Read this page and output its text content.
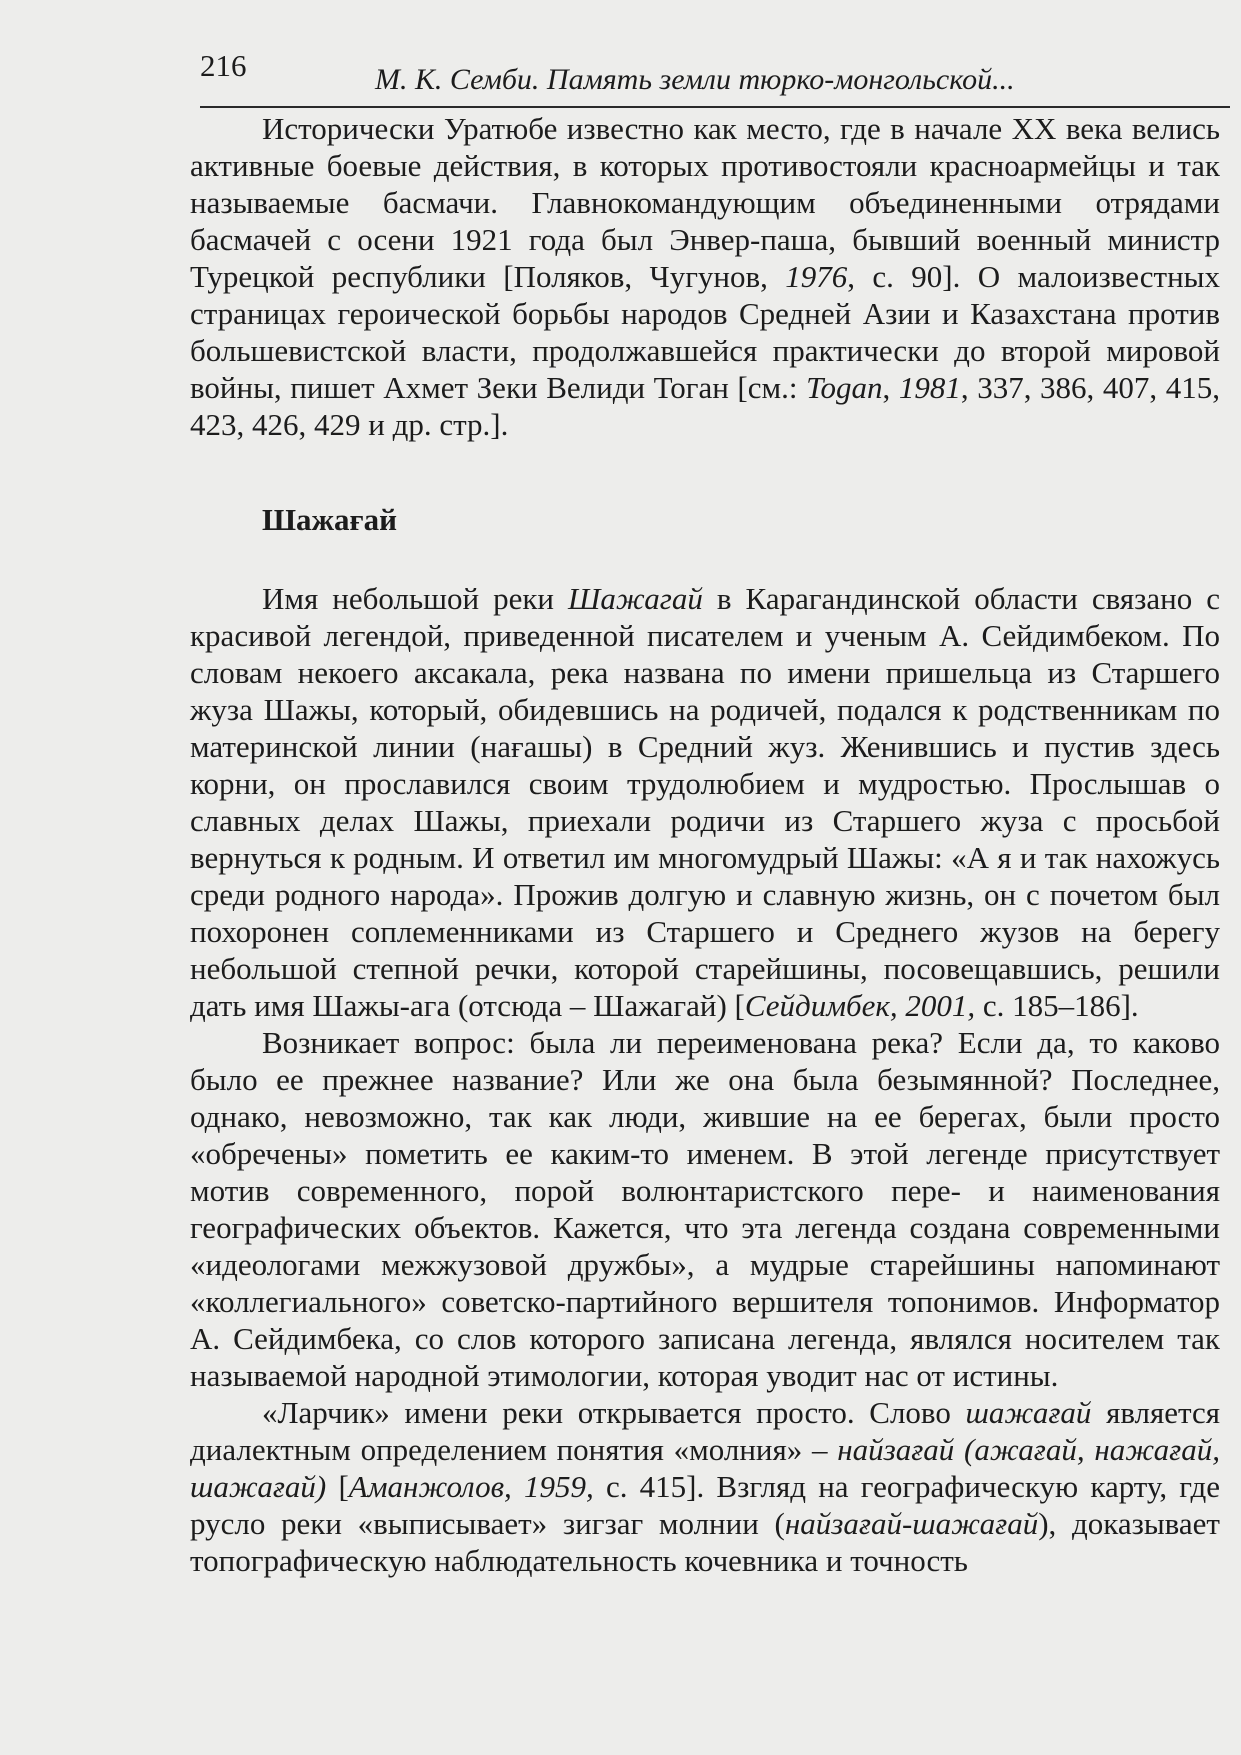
216	М. К. Семби. Память земли тюрко-монгольской...

Исторически Уратюбе известно как место, где в начале XX века велись активные боевые действия, в которых противостояли красноармейцы и так называемые басмачи. Главнокомандующим объединенными отрядами басмачей с осени 1921 года был Энвер-паша, бывший военный министр Турецкой республики [Поляков, Чугунов, 1976, с. 90]. О малоизвестных страницах героической борьбы народов Средней Азии и Казахстана против большевистской власти, продолжавшейся практически до второй мировой войны, пишет Ахмет Зеки Велиди Тоган [см.: Togan, 1981, 337, 386, 407, 415, 423, 426, 429 и др. стр.].

Шажағай

Имя небольшой реки Шажагай в Карагандинской области связано с красивой легендой, приведенной писателем и ученым А. Сейдимбеком. По словам некоего аксакала, река названа по имени пришельца из Старшего жуза Шажы, который, обидевшись на родичей, подался к родственникам по материнской линии (нағашы) в Средний жуз. Женившись и пустив здесь корни, он прославился своим трудолюбием и мудростью. Прослышав о славных делах Шажы, приехали родичи из Старшего жуза с просьбой вернуться к родным. И ответил им многомудрый Шажы: «А я и так нахожусь среди родного народа». Прожив долгую и славную жизнь, он с почетом был похоронен соплеменниками из Старшего и Среднего жузов на берегу небольшой степной речки, которой старейшины, посовещавшись, решили дать имя Шажы-ага (отсюда – Шажагай) [Сейдимбек, 2001, с. 185–186].

Возникает вопрос: была ли переименована река? Если да, то каково было ее прежнее название? Или же она была безымянной? Последнее, однако, невозможно, так как люди, жившие на ее берегах, были просто «обречены» пометить ее каким-то именем. В этой легенде присутствует мотив современного, порой волюнтаристского пере- и наименования географических объектов. Кажется, что эта легенда создана современными «идеологами межжузовой дружбы», а мудрые старейшины напоминают «коллегиального» советско-партийного вершителя топонимов. Информатор А. Сейдимбека, со слов которого записана легенда, являлся носителем так называемой народной этимологии, которая уводит нас от истины.

«Ларчик» имени реки открывается просто. Слово шажағай является диалектным определением понятия «молния» – найзағай (ажағай, нажағай, шажағай) [Аманжолов, 1959, с. 415]. Взгляд на географическую карту, где русло реки «выписывает» зигзаг молнии (найзағай-шажағай), доказывает топографическую наблюдательность кочевника и точность
